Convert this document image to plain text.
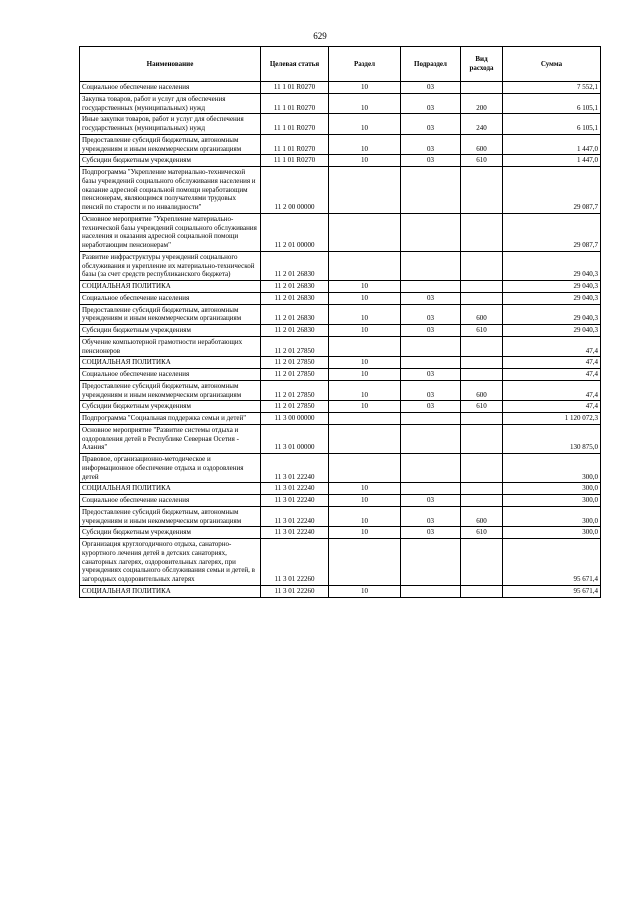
629
Наименование	Целевая статья	Раздел	Подраздел	Вид расхода	Сумма
Социальное обеспечение населения	11 1 01 R0270	10	03		7 552,1
Закупка товаров, работ и услуг для обеспечения государственных (муниципальных) нужд	11 1 01 R0270	10	03	200	6 105,1
Иные закупки товаров, работ и услуг для обеспечения государственных (муниципальных) нужд	11 1 01 R0270	10	03	240	6 105,1
Предоставление субсидий бюджетным, автономным учреждениям и иным некоммерческим организациям	11 1 01 R0270	10	03	600	1 447,0
Субсидии бюджетным учреждениям	11 1 01 R0270	10	03	610	1 447,0
Подпрограмма "Укрепление материально-технической базы учреждений социального обслуживания населения и оказание адресной социальной помощи неработающим пенсионерам, являющимся получателями трудовых пенсий по старости и по инвалидности"	11 2 00 00000				29 087,7
Основное мероприятие "Укрепление материально-технической базы учреждений социального обслуживания населения и оказания адресной социальной помощи неработающим пенсионерам"	11 2 01 00000				29 087,7
Развитие инфраструктуры учреждений социального обслуживания и укрепление их материально-технической базы (за счет средств республиканского бюджета)	11 2 01 26830				29 040,3
СОЦИАЛЬНАЯ ПОЛИТИКА	11 2 01 26830	10			29 040,3
Социальное обеспечение населения	11 2 01 26830	10	03		29 040,3
Предоставление субсидий бюджетным, автономным учреждениям и иным некоммерческим организациям	11 2 01 26830	10	03	600	29 040,3
Субсидии бюджетным учреждениям	11 2 01 26830	10	03	610	29 040,3
Обучение компьютерной грамотности неработающих пенсионеров	11 2 01 27850				47,4
СОЦИАЛЬНАЯ ПОЛИТИКА	11 2 01 27850	10			47,4
Социальное обеспечение населения	11 2 01 27850	10	03		47,4
Предоставление субсидий бюджетным, автономным учреждениям и иным некоммерческим организациям	11 2 01 27850	10	03	600	47,4
Субсидии бюджетным учреждениям	11 2 01 27850	10	03	610	47,4
Подпрограмма "Социальная поддержка семьи и детей"	11 3 00 00000				1 120 072,3
Основное мероприятие "Развитие системы отдыха и оздоровления детей в Республике Северная Осетия - Алания"	11 3 01 00000				130 875,0
Правовое, организационно-методическое и информационное обеспечение отдыха и оздоровления детей	11 3 01 22240				300,0
СОЦИАЛЬНАЯ ПОЛИТИКА	11 3 01 22240	10			300,0
Социальное обеспечение населения	11 3 01 22240	10	03		300,0
Предоставление субсидий бюджетным, автономным учреждениям и иным некоммерческим организациям	11 3 01 22240	10	03	600	300,0
Субсидии бюджетным учреждениям	11 3 01 22240	10	03	610	300,0
Организация круглогодичного отдыха, санаторно-курортного лечения детей в детских санаториях, санаторных лагерях, оздоровительных лагерях, при учреждениях социального обслуживания семьи и детей, в загородных оздоровительных лагерях	11 3 01 22260				95 671,4
СОЦИАЛЬНАЯ ПОЛИТИКА	11 3 01 22260	10			95 671,4
